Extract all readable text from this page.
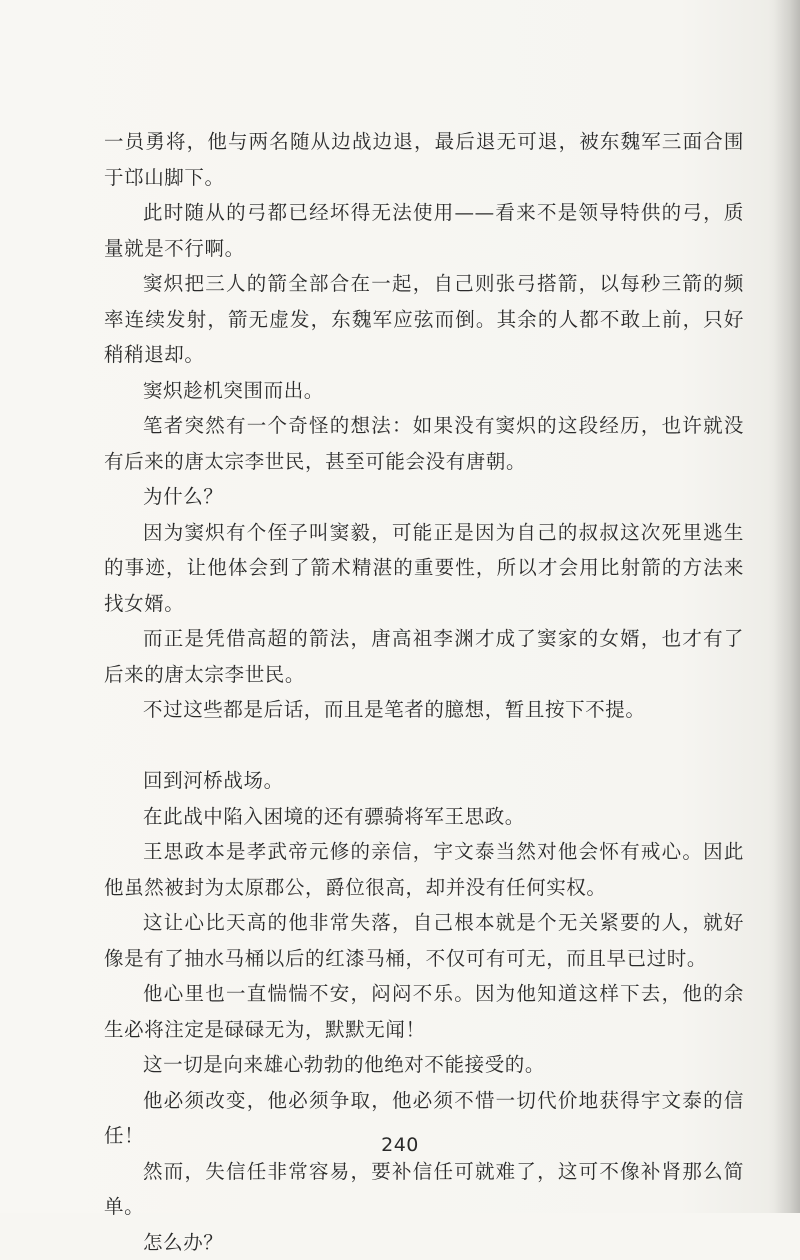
一员勇将，他与两名随从边战边退，最后退无可退，被东魏军三面合围于邙山脚下。

此时随从的弓都已经坏得无法使用——看来不是领导特供的弓，质量就是不行啊。

窦炽把三人的箭全部合在一起，自己则张弓搭箭，以每秒三箭的频率连续发射，箭无虚发，东魏军应弦而倒。其余的人都不敢上前，只好稍稍退却。

窦炽趁机突围而出。

笔者突然有一个奇怪的想法：如果没有窦炽的这段经历，也许就没有后来的唐太宗李世民，甚至可能会没有唐朝。

为什么？

因为窦炽有个侄子叫窦毅，可能正是因为自己的叔叔这次死里逃生的事迹，让他体会到了箭术精湛的重要性，所以才会用比射箭的方法来找女婿。

而正是凭借高超的箭法，唐高祖李渊才成了窦家的女婿，也才有了后来的唐太宗李世民。

不过这些都是后话，而且是笔者的臆想，暂且按下不提。

回到河桥战场。

在此战中陷入困境的还有骠骑将军王思政。

王思政本是孝武帝元修的亲信，宇文泰当然对他会怀有戒心。因此他虽然被封为太原郡公，爵位很高，却并没有任何实权。

这让心比天高的他非常失落，自己根本就是个无关紧要的人，就好像是有了抽水马桶以后的红漆马桶，不仅可有可无，而且早已过时。

他心里也一直惴惴不安，闷闷不乐。因为他知道这样下去，他的余生必将注定是碌碌无为，默默无闻！

这一切是向来雄心勃勃的他绝对不能接受的。

他必须改变，他必须争取，他必须不惜一切代价地获得宇文泰的信任！

然而，失信任非常容易，要补信任可就难了，这可不像补肾那么简单。

怎么办？

240
